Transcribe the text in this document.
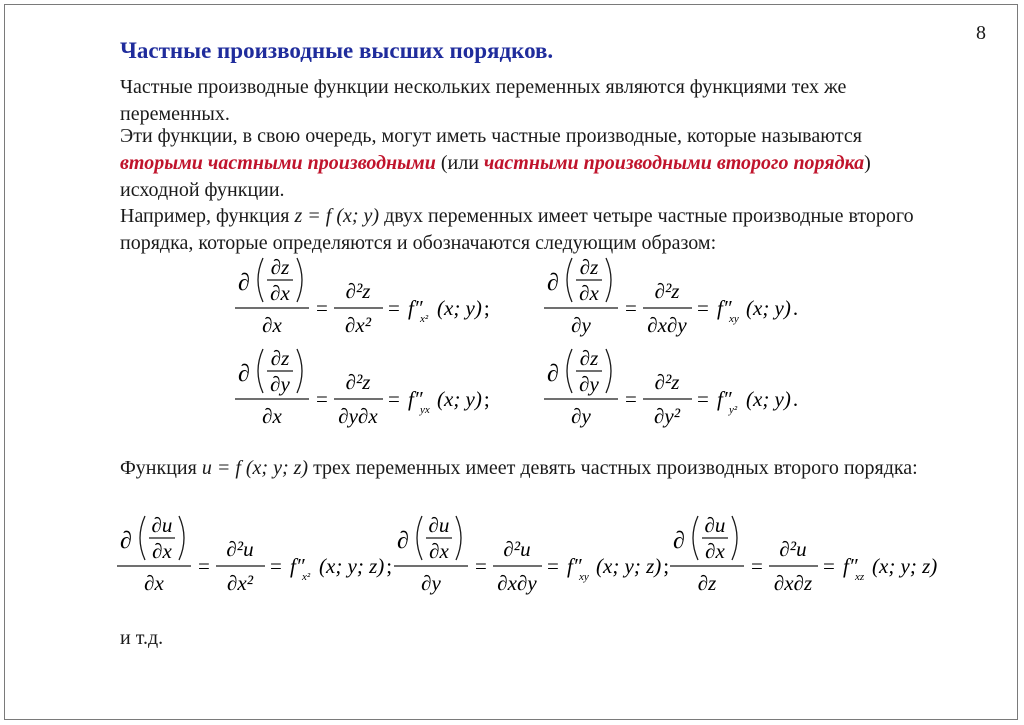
8
Частные производные высших порядков.
Частные производные функции нескольких переменных являются функциями тех же переменных.
Эти функции, в свою очередь, могут иметь частные производные, которые называются вторыми частными производными (или частными производными второго порядка) исходной функции.
Например, функция z = f (x; y) двух переменных имеет четыре частные производные второго порядка, которые определяются и обозначаются следующим образом:
∂
∂z
∂x
∂x
=
∂²z
∂x²
= f″
x² (x; y) ;
∂
∂z
∂x
∂y
=
∂²z
∂x∂y
= f″
xy (x; y) .
∂
∂z
∂y
∂x
=
∂²z
∂y∂x
= f″
yx (x; y) ;
∂
∂z
∂y
∂y
=
∂²z
∂y²
= f″
y² (x; y) .
Функция u = f (x; y; z) трех переменных имеет девять частных производных второго порядка:
∂
∂u
∂x
∂x
=
∂²u
∂x²
= f″
x² (x; y; z) ;
∂
∂u
∂x
∂y
=
∂²u
∂x∂y
= f″
xy (x; y; z) ;
∂
∂u
∂x
∂z
=
∂²u
∂x∂z
= f″
xz (x; y; z)
и т.д.
